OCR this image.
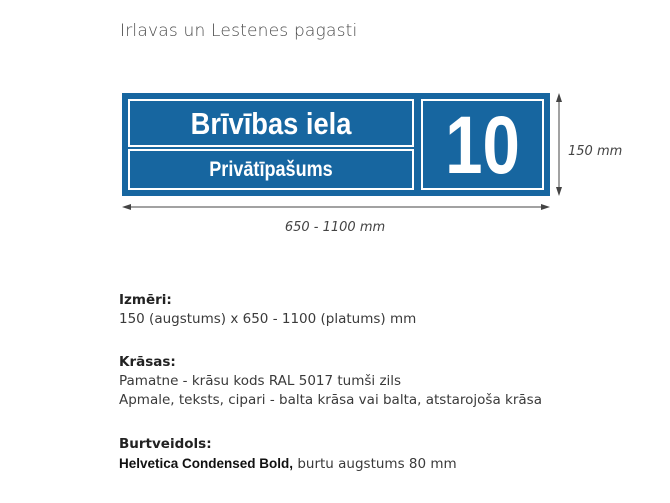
Irlavas un Lestenes pagasti
Brīvības iela
Privātīpašums	10
650 - 1100 mm
150 mm
Izmēri:
150 (augstums) x 650 - 1100 (platums) mm
Krāsas:
Pamatne - krāsu kods RAL 5017 tumši zils
Apmale, teksts, cipari - balta krāsa vai balta, atstarojoša krāsa
Burtveidols:
Helvetica Condensed Bold, burtu augstums 80 mm
